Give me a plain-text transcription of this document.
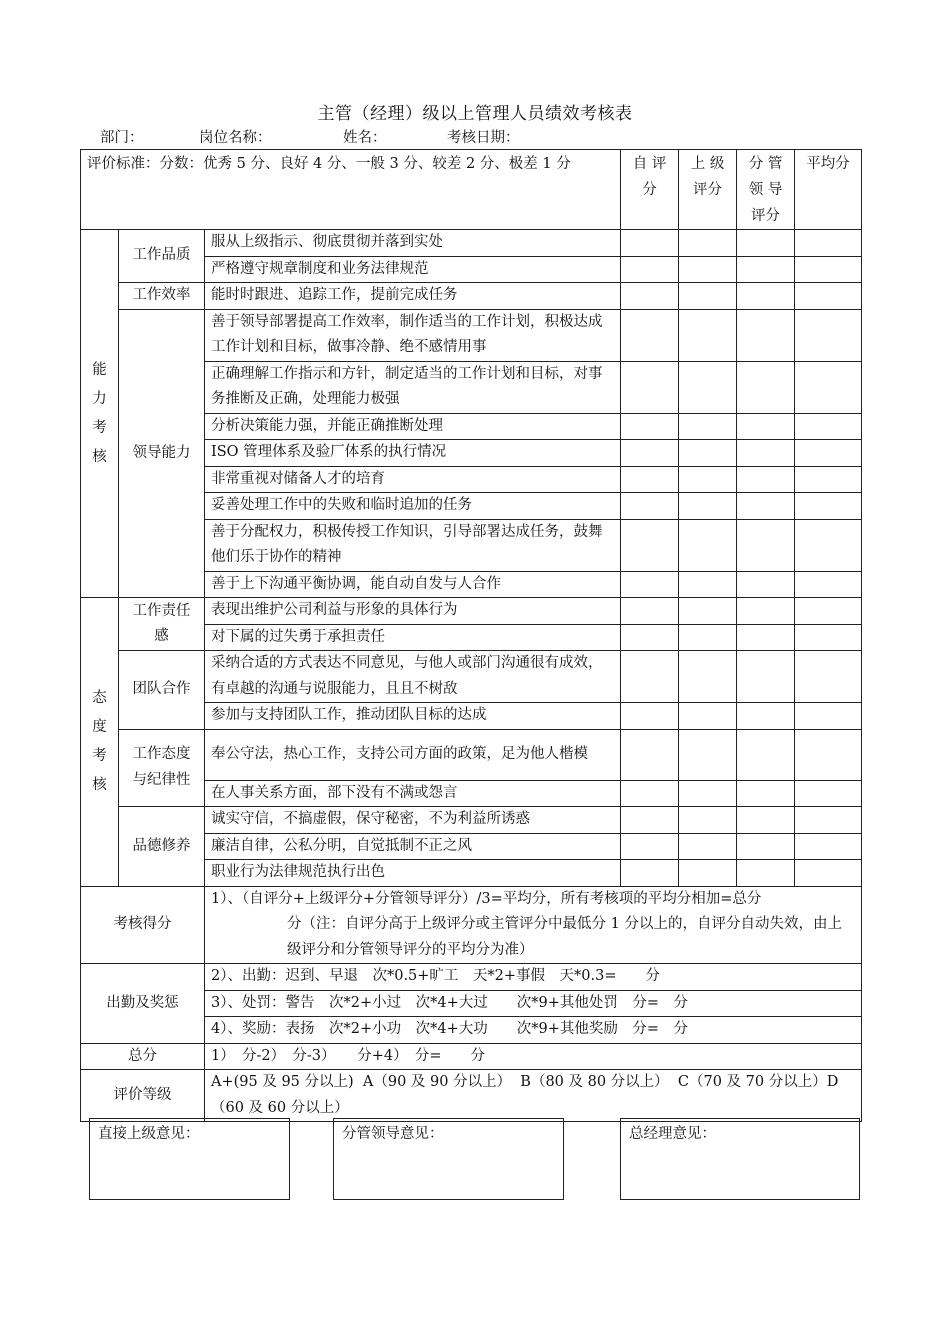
主管（经理）级以上管理人员绩效考核表
部门：	岗位名称：	姓名：	考核日期：
评价标准：分数：优秀 5 分、良好 4 分、一般 3 分、较差 2 分、极差 1 分			自 评 分	上 级 评分	分 管 领 导 评分	平均分
能力考核	工作品质	服从上级指示、彻底贯彻并落到实处				
		严格遵守规章制度和业务法律规范				
	工作效率	能时时跟进、追踪工作，提前完成任务				
	领导能力	善于领导部署提高工作效率，制作适当的工作计划，积极达成工作计划和目标，做事冷静、绝不感情用事				
		正确理解工作指示和方针，制定适当的工作计划和目标，对事务推断及正确，处理能力极强				
		分析决策能力强，并能正确推断处理				
		ISO 管理体系及验厂体系的执行情况				
		非常重视对储备人才的培育				
		妥善处理工作中的失败和临时追加的任务				
		善于分配权力，积极传授工作知识，引导部署达成任务，鼓舞他们乐于协作的精神				
		善于上下沟通平衡协调，能自动自发与人合作				
态度考核	工作责任感	表现出维护公司利益与形象的具体行为				
		对下属的过失勇于承担责任				
	团队合作	采纳合适的方式表达不同意见，与他人或部门沟通很有成效，有卓越的沟通与说服能力，且且不树敌				
		参加与支持团队工作，推动团队目标的达成				
	工作态度与纪律性	奉公守法，热心工作，支持公司方面的政策，足为他人楷模				
		在人事关系方面，部下没有不满或怨言				
	品德修养	诚实守信，不搞虚假，保守秘密，不为利益所诱惑				
		廉洁自律，公私分明，自觉抵制不正之风				
		职业行为法律规范执行出色				
考核得分		1）、（自评分+上级评分+分管领导评分）/3=平均分，所有考核项的平均分相加=总分
分（注：自评分高于上级评分或主管评分中最低分 1 分以上的，自评分自动失效，由上级评分和分管领导评分的平均分为准）				

出勤及奖惩		2）、出勤：迟到、早退　次*0.5+旷工　天*2+事假　天*0.3=　　分				
		3）、处罚：警告　次*2+小过　次*4+大过　　次*9+其他处罚　分=　分				
		4）、奖励：表扬　次*2+小功　次*4+大功　　次*9+其他奖励　分=　分				
总分		1）　分-2）　分-3）　　分+4）　分=　　分				
评价等级		A+(95 及 95 分以上)  A（90 及 90 分以上）  B（80 及 80 分以上）  C（70 及 70 分以上）D（60 及 60 分以上）				
直接上级意见：	分管领导意见：	总经理意见：
